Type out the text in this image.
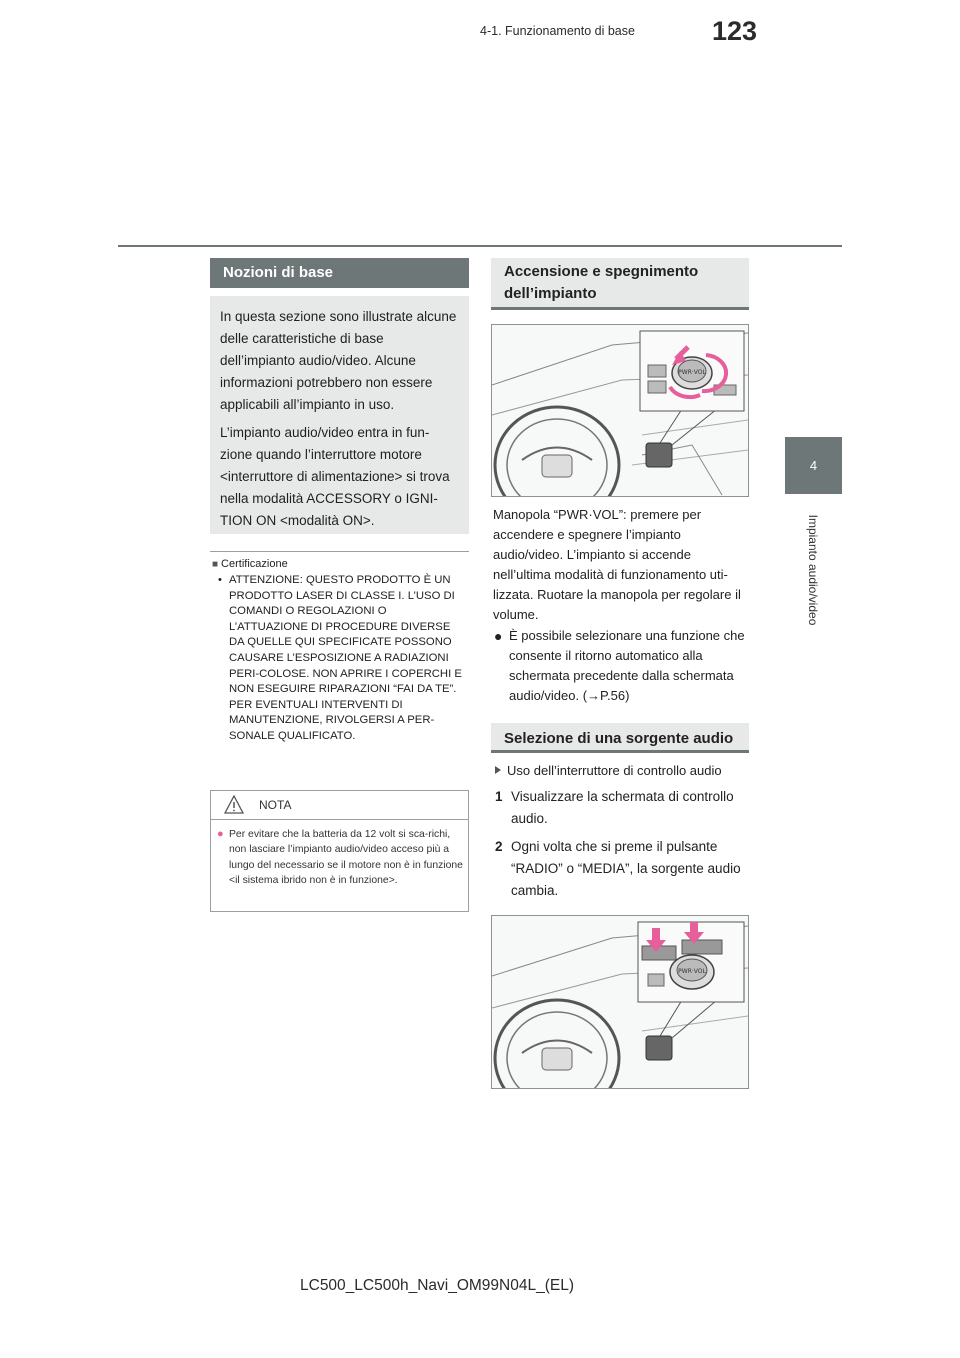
4-1. Funzionamento di base	123
4
Impianto audio/video
Nozioni di base

In questa sezione sono illustrate alcune delle caratteristiche di base dell’impianto audio/video. Alcune informazioni potrebbero non essere applicabili all’impianto in uso.

L’impianto audio/video entra in fun-zione quando l’interruttore motore <interruttore di alimentazione> si trova nella modalità ACCESSORY o IGNI-TION ON <modalità ON>.

■ Certificazione
• ATTENZIONE: QUESTO PRODOTTO È UN PRODOTTO LASER DI CLASSE I. L’USO DI COMANDI O REGOLAZIONI O L’ATTUAZIONE DI PROCEDURE DIVERSE DA QUELLE QUI SPECIFICATE POSSONO CAUSARE L’ESPOSIZIONE A RADIAZIONI PERI-COLOSE. NON APRIRE I COPERCHI E NON ESEGUIRE RIPARAZIONI “FAI DA TE”. PER EVENTUALI INTERVENTI DI MANUTENZIONE, RIVOLGERSI A PER-SONALE QUALIFICATO.
NOTA
● Per evitare che la batteria da 12 volt si sca-richi, non lasciare l’impianto audio/video acceso più a lungo del necessario se il motore non è in funzione <il sistema ibrido non è in funzione>.
Accensione e spegnimento dell’impianto
PWR·VOL
Manopola “PWR·VOL”: premere per accendere e spegnere l’impianto audio/video. L’impianto si accende nell’ultima modalità di funzionamento uti-lizzata. Ruotare la manopola per regolare il volume.
● È possibile selezionare una funzione che consente il ritorno automatico alla schermata precedente dalla schermata audio/video. (→P.56)
Selezione di una sorgente audio
Uso dell’interruttore di controllo audio
1 Visualizzare la schermata di controllo audio.
2 Ogni volta che si preme il pulsante “RADIO” o “MEDIA”, la sorgente audio cambia.
PWR·VOL
LC500_LC500h_Navi_OM99N04L_(EL)
